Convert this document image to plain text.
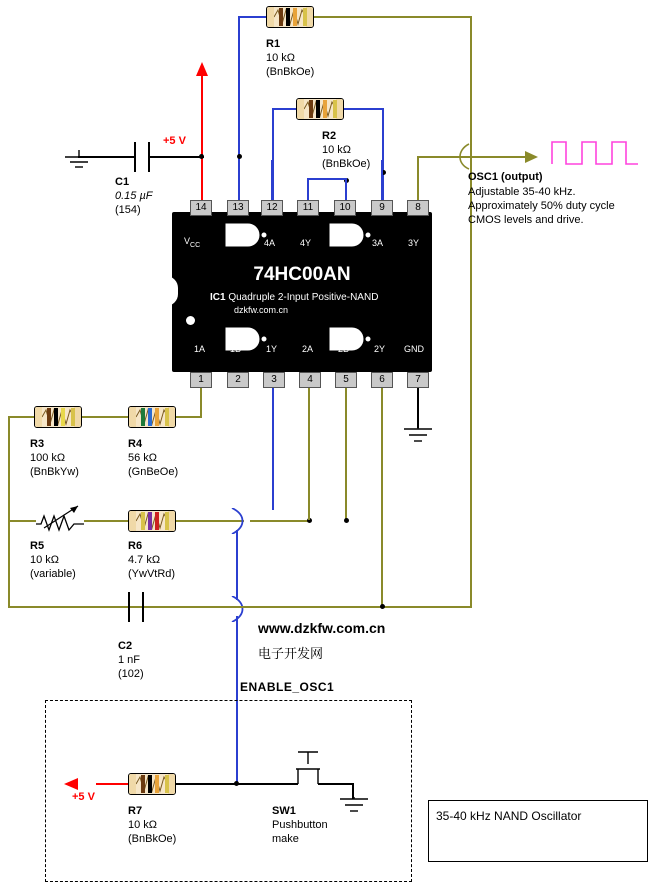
+5 V
C1
0.15 µF
(154)
OSC1 (output)
Adjustable 35-40 kHz.
Approximately 50% duty cycle
CMOS levels and drive.
R1
10 kΩ
(BnBkOe)
R2
10 kΩ
(BnBkOe)
74HC00AN
IC1 Quadruple 2-Input Positive-NAND
dzkfw.com.cn
$V_{CC}$	4B	4A	4Y	3B	3A	3Y
1A	1B	1Y	2A	2B	2Y GND
14	13	12	11	10	9	8
1	2	3	4	5	6	7
C2
1 nF
(102)
R3
100 kΩ
(BnBkYw)
R4
56 kΩ
(GnBeOe)
R5
10 kΩ
(variable)
R6
4.7 kΩ
(YwVtRd)
www.dzkfw.com.cn
电子开发网
ENABLE_OSC1
+5 V
R7
10 kΩ
(BnBkOe)
SW1
Pushbutton
make
35-40 kHz NAND Oscillator
